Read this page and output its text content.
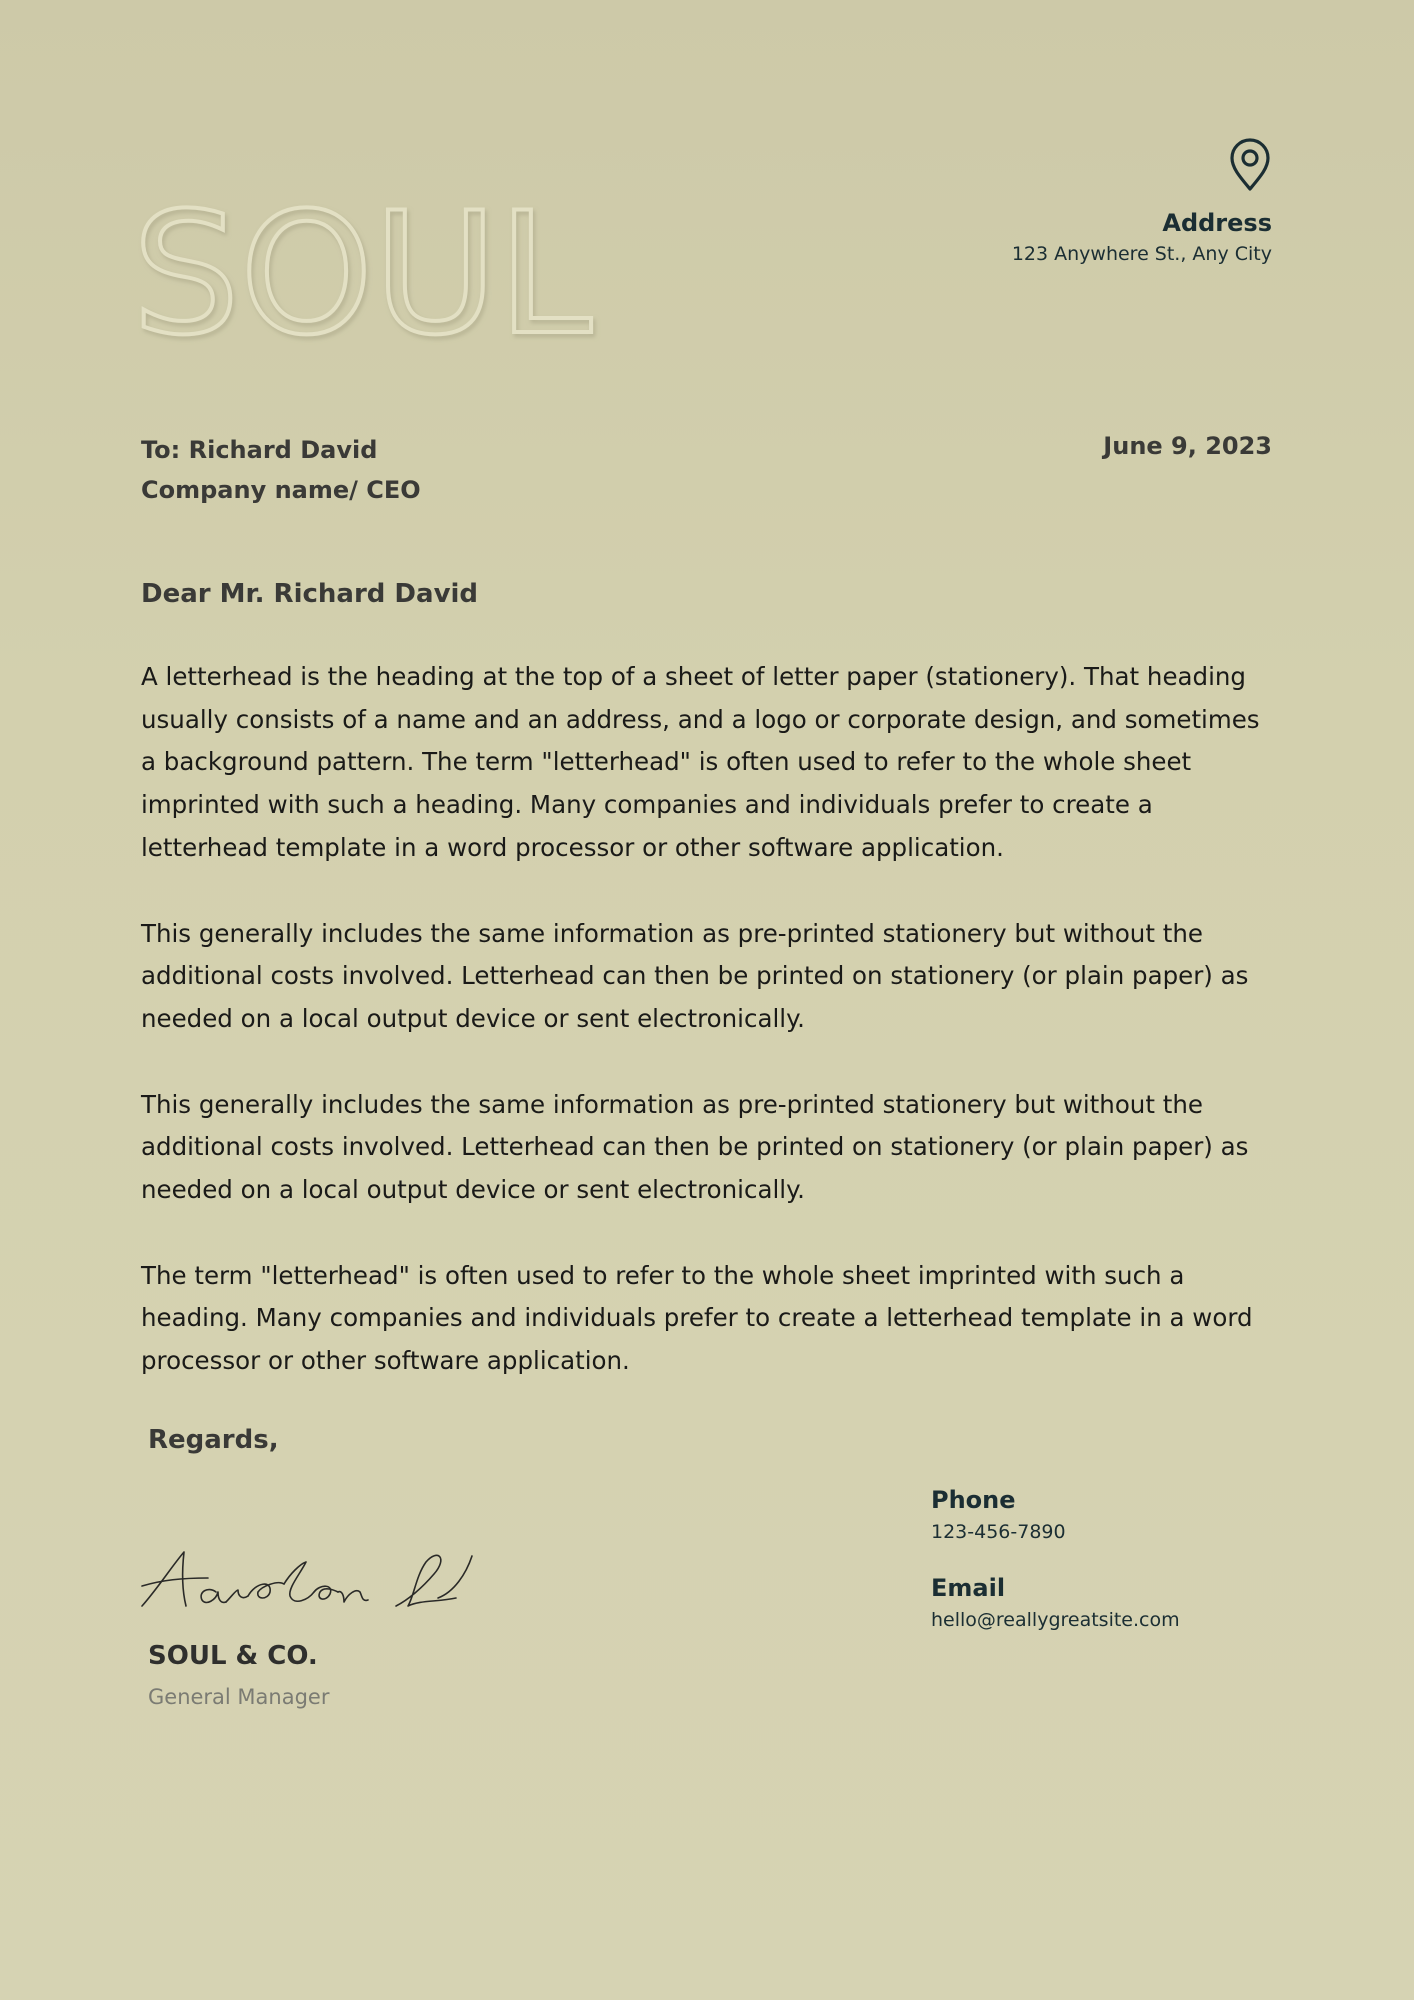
SOUL	Address
123 Anywhere St., Any City
To: Richard David
Company name/ CEO
June 9, 2023
Dear Mr. Richard David

A letterhead is the heading at the top of a sheet of letter paper (stationery). That heading usually consists of a name and an address, and a logo or corporate design, and sometimes a background pattern. The term "letterhead" is often used to refer to the whole sheet imprinted with such a heading. Many companies and individuals prefer to create a letterhead template in a word processor or other software application.

This generally includes the same information as pre-printed stationery but without the additional costs involved. Letterhead can then be printed on stationery (or plain paper) as needed on a local output device or sent electronically.

This generally includes the same information as pre-printed stationery but without the additional costs involved. Letterhead can then be printed on stationery (or plain paper) as needed on a local output device or sent electronically.

The term "letterhead" is often used to refer to the whole sheet imprinted with such a heading. Many companies and individuals prefer to create a letterhead template in a word processor or other software application.

Regards,
SOUL & CO.
General Manager
Phone
123-456-7890
Email
hello@reallygreatsite.com
